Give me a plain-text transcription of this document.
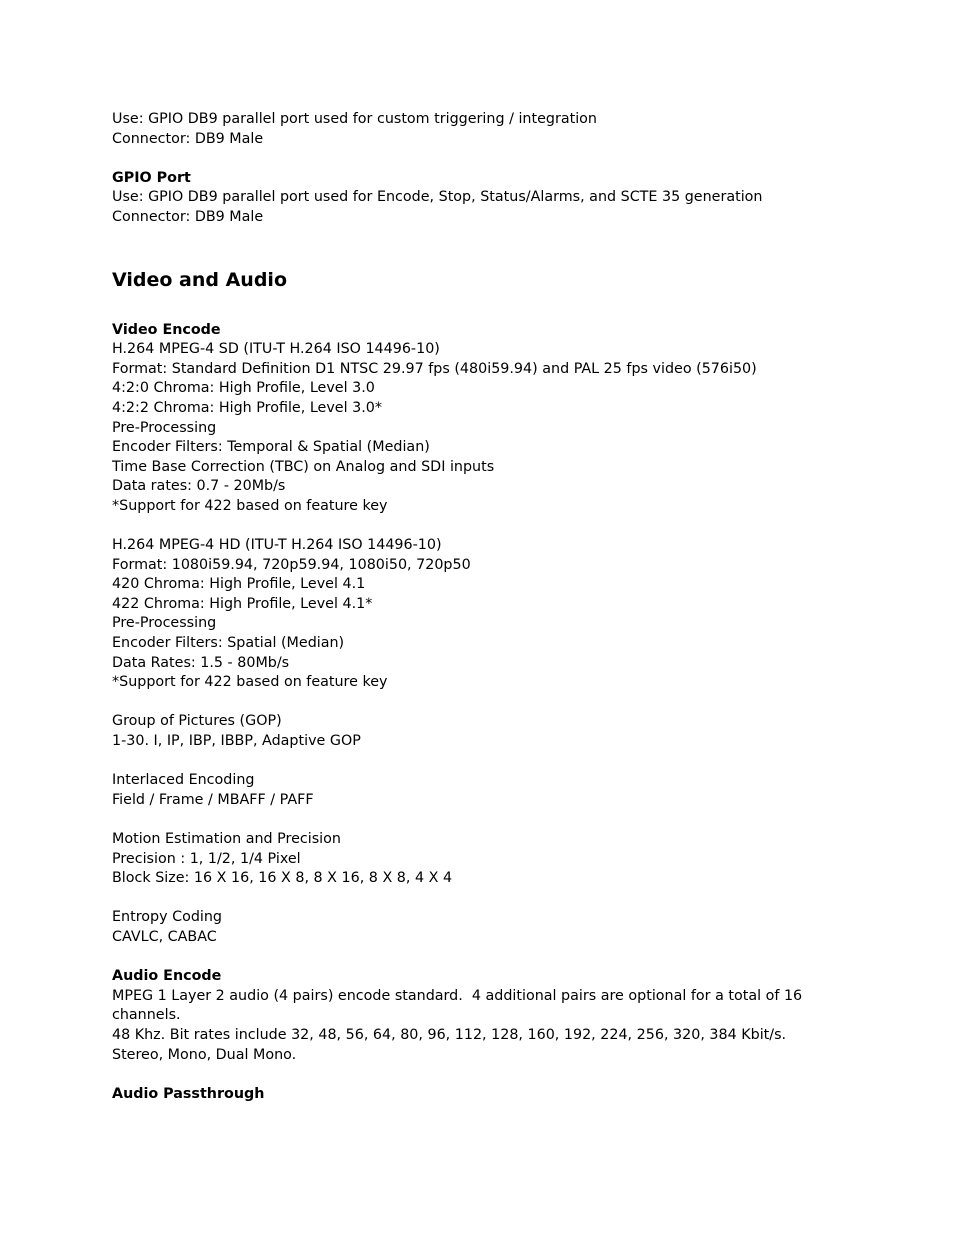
Use: GPIO DB9 parallel port used for custom triggering / integration

Connector: DB9 Male

GPIO Port

Use: GPIO DB9 parallel port used for Encode, Stop, Status/Alarms, and SCTE 35 generation

Connector: DB9 Male

Video and Audio

Video Encode

H.264 MPEG-4 SD (ITU-T H.264 ISO 14496-10)

Format: Standard Definition D1 NTSC 29.97 fps (480i59.94) and PAL 25 fps video (576i50)

4:2:0 Chroma: High Profile, Level 3.0

4:2:2 Chroma: High Profile, Level 3.0*

Pre-Processing

Encoder Filters: Temporal & Spatial (Median)

Time Base Correction (TBC) on Analog and SDI inputs

Data rates: 0.7 - 20Mb/s

*Support for 422 based on feature key

H.264 MPEG-4 HD (ITU-T H.264 ISO 14496-10)

Format: 1080i59.94, 720p59.94, 1080i50, 720p50

420 Chroma: High Profile, Level 4.1

422 Chroma: High Profile, Level 4.1*

Pre-Processing

Encoder Filters: Spatial (Median)

Data Rates: 1.5 - 80Mb/s

*Support for 422 based on feature key

Group of Pictures (GOP)

1-30. I, IP, IBP, IBBP, Adaptive GOP

Interlaced Encoding

Field / Frame / MBAFF / PAFF

Motion Estimation and Precision

Precision : 1, 1/2, 1/4 Pixel

Block Size: 16 X 16, 16 X 8, 8 X 16, 8 X 8, 4 X 4

Entropy Coding

CAVLC, CABAC

Audio Encode

MPEG 1 Layer 2 audio (4 pairs) encode standard.  4 additional pairs are optional for a total of 16

channels.

48 Khz. Bit rates include 32, 48, 56, 64, 80, 96, 112, 128, 160, 192, 224, 256, 320, 384 Kbit/s.

Stereo, Mono, Dual Mono.

Audio Passthrough
